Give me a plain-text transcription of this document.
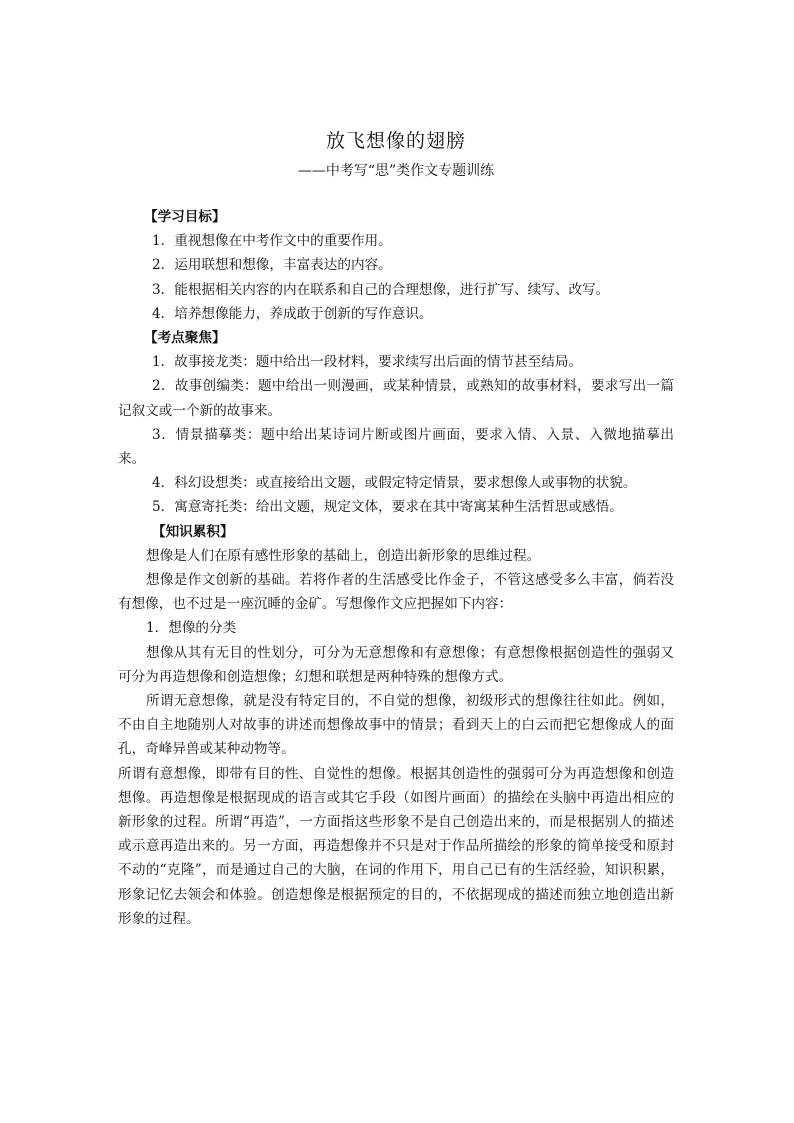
放飞想像的翅膀
——中考写“思”类作文专题训练

【学习目标】

1．重视想像在中考作文中的重要作用。

2．运用联想和想像，丰富表达的内容。

3．能根据相关内容的内在联系和自己的合理想像，进行扩写、续写、改写。

4．培养想像能力，养成敢于创新的写作意识。

【考点聚焦】

1．故事接龙类：题中给出一段材料，要求续写出后面的情节甚至结局。

2．故事创编类：题中给出一则漫画，或某种情景，或熟知的故事材料，要求写出一篇记叙文或一个新的故事来。

3．情景描摹类：题中给出某诗词片断或图片画面，要求入情、入景、入微地描摹出来。

4．科幻设想类：或直接给出文题，或假定特定情景，要求想像人或事物的状貌。

5．寓意寄托类：给出文题，规定文体，要求在其中寄寓某种生活哲思或感悟。

【知识累积】

想像是人们在原有感性形象的基础上，创造出新形象的思维过程。

想像是作文创新的基础。若将作者的生活感受比作金子，不管这感受多么丰富，倘若没有想像，也不过是一座沉睡的金矿。写想像作文应把握如下内容：

1．想像的分类

想像从其有无目的性划分，可分为无意想像和有意想像；有意想像根据创造性的强弱又可分为再造想像和创造想像；幻想和联想是两种特殊的想像方式。

所谓无意想像，就是没有特定目的，不自觉的想像，初级形式的想像往往如此。例如，不由自主地随别人对故事的讲述而想像故事中的情景；看到天上的白云而把它想像成人的面孔，奇峰异兽或某种动物等。

所谓有意想像，即带有目的性、自觉性的想像。根据其创造性的强弱可分为再造想像和创造想像。再造想像是根据现成的语言或其它手段（如图片画面）的描绘在头脑中再造出相应的新形象的过程。所谓“再造”，一方面指这些形象不是自己创造出来的，而是根据别人的描述或示意再造出来的。另一方面，再造想像并不只是对于作品所描绘的形象的简单接受和原封不动的“克隆”，而是通过自己的大脑，在词的作用下，用自己已有的生活经验，知识积累，形象记忆去领会和体验。创造想像是根据预定的目的，不依据现成的描述而独立地创造出新形象的过程。
